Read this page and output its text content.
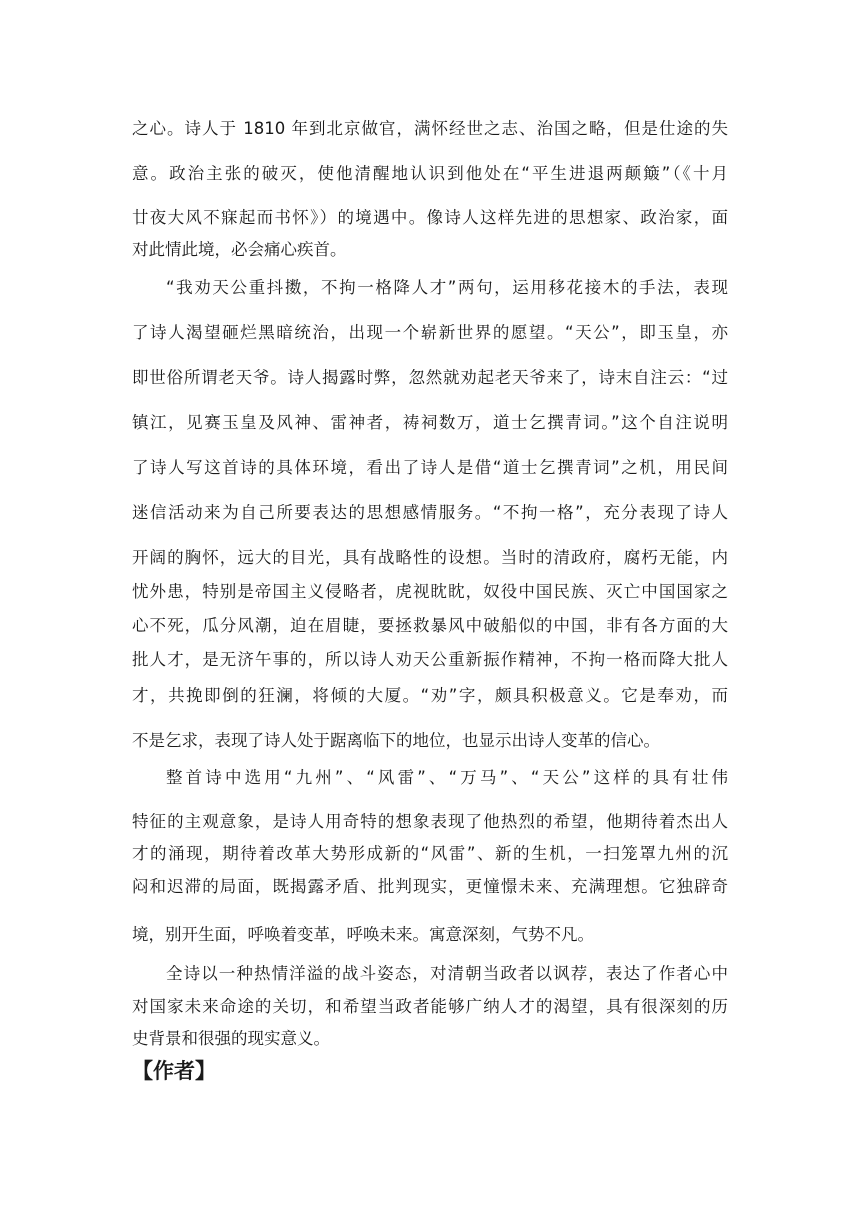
之心。诗人于 1810 年到北京做官，满怀经世之志、治国之略，但是仕途的失
意。政治主张的破灭，使他清醒地认识到他处在“平生进退两颠簸”（《十月
廿夜大风不寐起而书怀》）的境遇中。像诗人这样先进的思想家、政治家，面
对此情此境，必会痛心疾首。
“我劝天公重抖擞，不拘一格降人才”两句，运用移花接木的手法，表现
了诗人渴望砸烂黑暗统治，出现一个崭新世界的愿望。“天公”，即玉皇，亦
即世俗所谓老天爷。诗人揭露时弊，忽然就劝起老天爷来了，诗末自注云：“过
镇江，见赛玉皇及风神、雷神者，祷祠数万，道士乞撰青词。”这个自注说明
了诗人写这首诗的具体环境，看出了诗人是借“道士乞撰青词”之机，用民间
迷信活动来为自己所要表达的思想感情服务。“不拘一格”，充分表现了诗人
开阔的胸怀，远大的目光，具有战略性的设想。当时的清政府，腐朽无能，内
忧外患，特别是帝国主义侵略者，虎视眈眈，奴役中国民族、灭亡中国国家之
心不死，瓜分风潮，迫在眉睫，要拯救暴风中破船似的中国，非有各方面的大
批人才，是无济午事的，所以诗人劝天公重新振作精神，不拘一格而降大批人
才，共挽即倒的狂澜，将倾的大厦。“劝”字，颇具积极意义。它是奉劝，而
不是乞求，表现了诗人处于踞离临下的地位，也显示出诗人变革的信心。
整首诗中选用“九州”、“风雷”、“万马”、“天公”这样的具有壮伟
特征的主观意象，是诗人用奇特的想象表现了他热烈的希望，他期待着杰出人
才的涌现，期待着改革大势形成新的“风雷”、新的生机，一扫笼罩九州的沉
闷和迟滞的局面，既揭露矛盾、批判现实，更憧憬未来、充满理想。它独辟奇
境，别开生面，呼唤着变革，呼唤未来。寓意深刻，气势不凡。
全诗以一种热情洋溢的战斗姿态，对清朝当政者以讽荐，表达了作者心中
对国家未来命途的关切，和希望当政者能够广纳人才的渴望，具有很深刻的历
史背景和很强的现实意义。
【作者】
